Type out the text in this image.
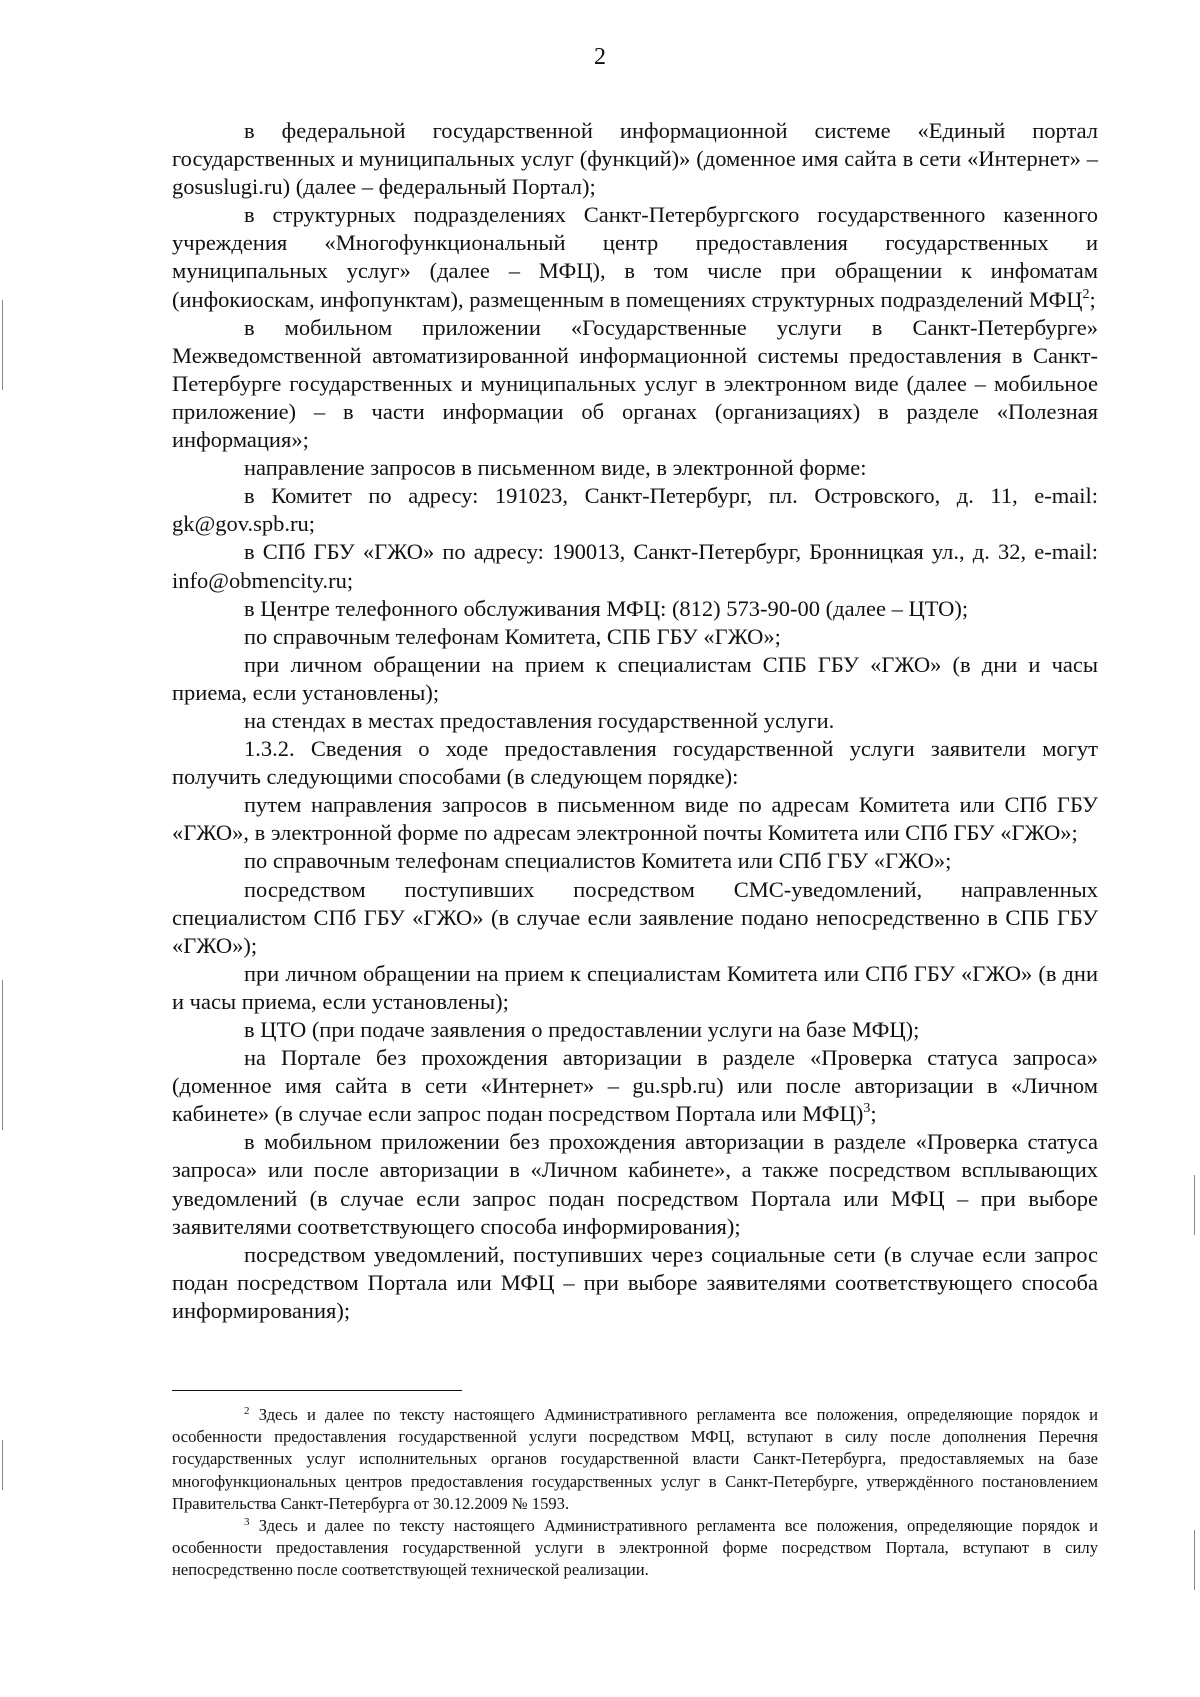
2

в федеральной государственной информационной системе «Единый портал государственных и муниципальных услуг (функций)» (доменное имя сайта в сети «Интернет» – gosuslugi.ru) (далее – федеральный Портал);

в структурных подразделениях Санкт-Петербургского государственного казенного учреждения «Многофункциональный центр предоставления государственных и муниципальных услуг» (далее – МФЦ), в том числе при обращении к инфоматам (инфокиоскам, инфопунктам), размещенным в помещениях структурных подразделений МФЦ$^2$;

в мобильном приложении «Государственные услуги в Санкт-Петербурге» Межведомственной автоматизированной информационной системы предоставления в Санкт-Петербурге государственных и муниципальных услуг в электронном виде (далее – мобильное приложение) – в части информации об органах (организациях) в разделе «Полезная информация»;

направление запросов в письменном виде, в электронной форме:

в Комитет по адресу: 191023, Санкт-Петербург, пл. Островского, д. 11, e-mail: gk@gov.spb.ru;

в СПб ГБУ «ГЖО» по адресу: 190013, Санкт-Петербург, Бронницкая ул., д. 32, e-mail: info@obmencity.ru;

в Центре телефонного обслуживания МФЦ: (812) 573-90-00 (далее – ЦТО);

по справочным телефонам Комитета, СПБ ГБУ «ГЖО»;

при личном обращении на прием к специалистам СПБ ГБУ «ГЖО» (в дни и часы приема, если установлены);

на стендах в местах предоставления государственной услуги.

1.3.2. Сведения о ходе предоставления государственной услуги заявители могут получить следующими способами (в следующем порядке):

путем направления запросов в письменном виде по адресам Комитета или СПб ГБУ «ГЖО», в электронной форме по адресам электронной почты Комитета или СПб ГБУ «ГЖО»;

по справочным телефонам специалистов Комитета или СПб ГБУ «ГЖО»;

посредством поступивших посредством СМС-уведомлений, направленных специалистом СПб ГБУ «ГЖО» (в случае если заявление подано непосредственно в СПБ ГБУ «ГЖО»);

при личном обращении на прием к специалистам Комитета или СПб ГБУ «ГЖО» (в дни и часы приема, если установлены);

в ЦТО (при подаче заявления о предоставлении услуги на базе МФЦ);

на Портале без прохождения авторизации в разделе «Проверка статуса запроса» (доменное имя сайта в сети «Интернет» – gu.spb.ru) или после авторизации в «Личном кабинете» (в случае если запрос подан посредством Портала или МФЦ)$^3$;

в мобильном приложении без прохождения авторизации в разделе «Проверка статуса запроса» или после авторизации в «Личном кабинете», а также посредством всплывающих уведомлений (в случае если запрос подан посредством Портала или МФЦ – при выборе заявителями соответствующего способа информирования);

посредством уведомлений, поступивших через социальные сети (в случае если запрос подан посредством Портала или МФЦ – при выборе заявителями соответствующего способа информирования);

$^2$ Здесь и далее по тексту настоящего Административного регламента все положения, определяющие порядок и особенности предоставления государственной услуги посредством МФЦ, вступают в силу после дополнения Перечня государственных услуг исполнительных органов государственной власти Санкт-Петербурга, предоставляемых на базе многофункциональных центров предоставления государственных услуг в Санкт-Петербурге, утверждённого постановлением Правительства Санкт-Петербурга от 30.12.2009 № 1593.

$^3$ Здесь и далее по тексту настоящего Административного регламента все положения, определяющие порядок и особенности предоставления государственной услуги в электронной форме посредством Портала, вступают в силу непосредственно после соответствующей технической реализации.
